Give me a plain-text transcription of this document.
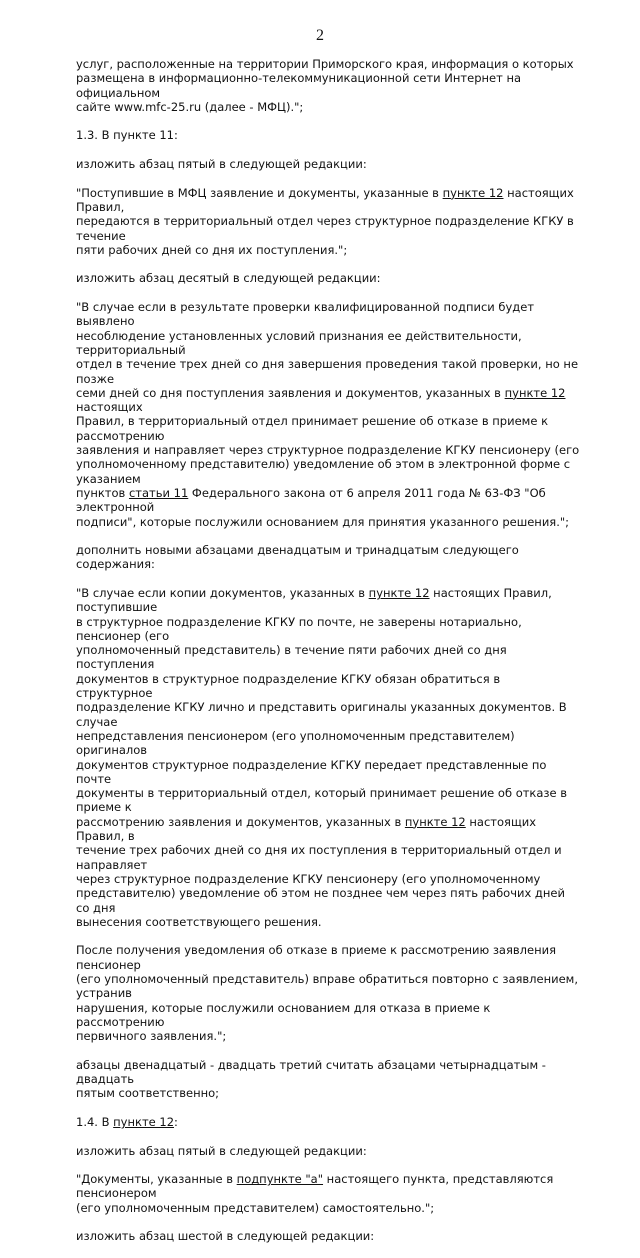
2

услуг, расположенные на территории Приморского края, информация о которых
размещена в информационно-телекоммуникационной сети Интернет на официальном
сайте www.mfc-25.ru (далее - МФЦ).";

1.3. В пункте 11:

изложить абзац пятый в следующей редакции:

"Поступившие в МФЦ заявление и документы, указанные в пункте 12 настоящих Правил,
передаются в территориальный отдел через структурное подразделение КГКУ в течение
пяти рабочих дней со дня их поступления.";

изложить абзац десятый в следующей редакции:

"В случае если в результате проверки квалифицированной подписи будет выявлено
несоблюдение установленных условий признания ее действительности, территориальный
отдел в течение трех дней со дня завершения проведения такой проверки, но не позже
семи дней со дня поступления заявления и документов, указанных в пункте 12 настоящих
Правил, в территориальный отдел принимает решение об отказе в приеме к рассмотрению
заявления и направляет через структурное подразделение КГКУ пенсионеру (его
уполномоченному представителю) уведомление об этом в электронной форме с указанием
пунктов статьи 11 Федерального закона от 6 апреля 2011 года № 63-ФЗ "Об электронной
подписи", которые послужили основанием для принятия указанного решения.";

дополнить новыми абзацами двенадцатым и тринадцатым следующего содержания:

"В случае если копии документов, указанных в пункте 12 настоящих Правил, поступившие
в структурное подразделение КГКУ по почте, не заверены нотариально, пенсионер (его
уполномоченный представитель) в течение пяти рабочих дней со дня поступления
документов в структурное подразделение КГКУ обязан обратиться в структурное
подразделение КГКУ лично и представить оригиналы указанных документов. В случае
непредставления пенсионером (его уполномоченным представителем) оригиналов
документов структурное подразделение КГКУ передает представленные по почте
документы в территориальный отдел, который принимает решение об отказе в приеме к
рассмотрению заявления и документов, указанных в пункте 12 настоящих Правил, в
течение трех рабочих дней со дня их поступления в территориальный отдел и направляет
через структурное подразделение КГКУ пенсионеру (его уполномоченному
представителю) уведомление об этом не позднее чем через пять рабочих дней со дня
вынесения соответствующего решения.

После получения уведомления об отказе в приеме к рассмотрению заявления пенсионер
(его уполномоченный представитель) вправе обратиться повторно с заявлением, устранив
нарушения, которые послужили основанием для отказа в приеме к рассмотрению
первичного заявления.";

абзацы двенадцатый - двадцать третий считать абзацами четырнадцатым - двадцать
пятым соответственно;

1.4. В пункте 12:

изложить абзац пятый в следующей редакции:

"Документы, указанные в подпункте "а" настоящего пункта, представляются пенсионером
(его уполномоченным представителем) самостоятельно.";

изложить абзац шестой в следующей редакции:
